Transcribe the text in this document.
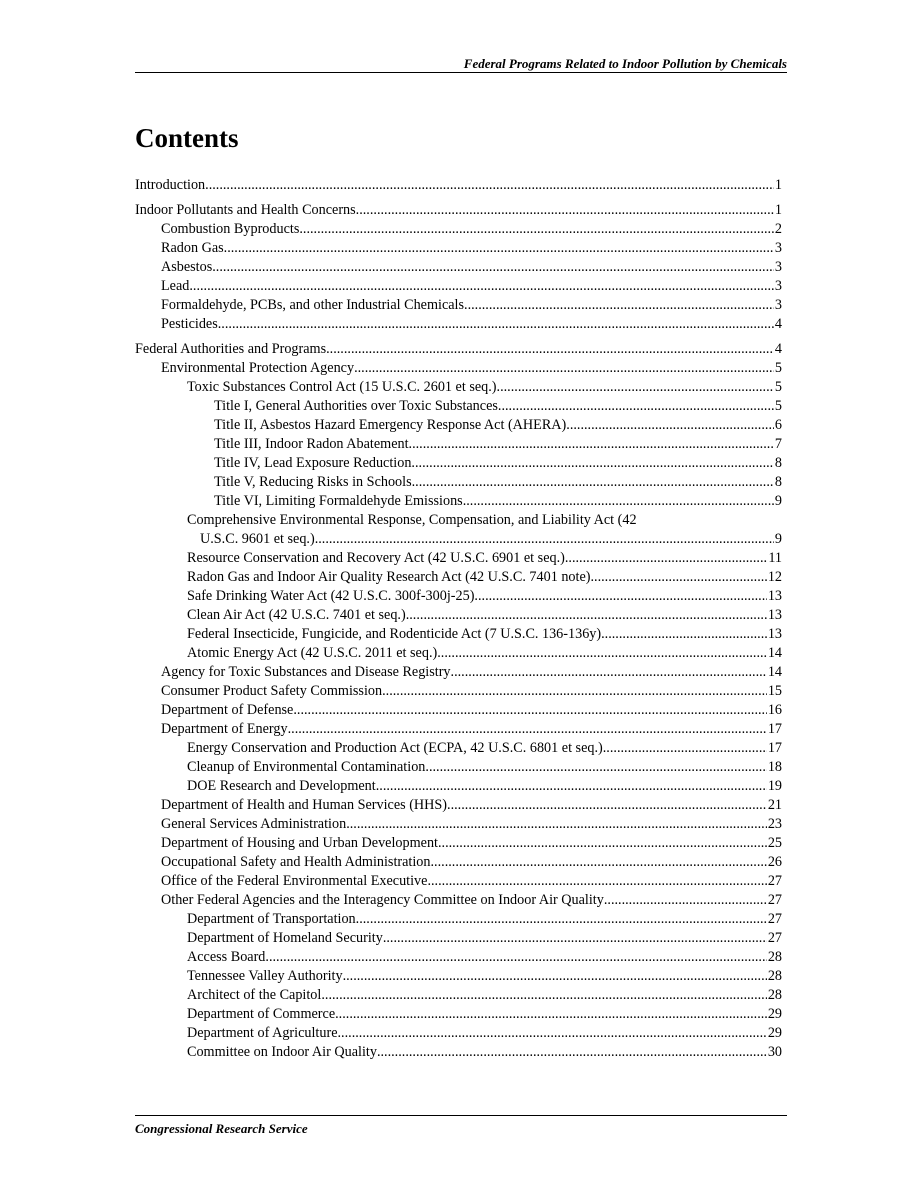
Federal Programs Related to Indoor Pollution by Chemicals
Contents
Introduction .....	1
Indoor Pollutants and Health Concerns .....	1
Combustion Byproducts .....	2
Radon Gas .....	3
Asbestos .....	3
Lead .....	3
Formaldehyde, PCBs, and other Industrial Chemicals .....	3
Pesticides .....	4
Federal Authorities and Programs .....	4
Environmental Protection Agency .....	5
Toxic Substances Control Act (15 U.S.C. 2601 et seq.) .....	5
Title I, General Authorities over Toxic Substances .....	5
Title II, Asbestos Hazard Emergency Response Act (AHERA) .....	6
Title III, Indoor Radon Abatement .....	7
Title IV, Lead Exposure Reduction .....	8
Title V, Reducing Risks in Schools .....	8
Title VI, Limiting Formaldehyde Emissions .....	9
Comprehensive Environmental Response, Compensation, and Liability Act (42
U.S.C. 9601 et seq.) .....	9
Resource Conservation and Recovery Act (42 U.S.C. 6901 et seq.) .....	11
Radon Gas and Indoor Air Quality Research Act (42 U.S.C. 7401 note) .....	12
Safe Drinking Water Act (42 U.S.C. 300f-300j-25) .....	13
Clean Air Act (42 U.S.C. 7401 et seq.) .....	13
Federal Insecticide, Fungicide, and Rodenticide Act (7 U.S.C. 136-136y) .....	13
Atomic Energy Act (42 U.S.C. 2011 et seq.) .....	14
Agency for Toxic Substances and Disease Registry .....	14
Consumer Product Safety Commission .....	15
Department of Defense .....	16
Department of Energy .....	17
Energy Conservation and Production Act (ECPA, 42 U.S.C. 6801 et seq.) .....	17
Cleanup of Environmental Contamination .....	18
DOE Research and Development .....	19
Department of Health and Human Services (HHS) .....	21
General Services Administration .....	23
Department of Housing and Urban Development .....	25
Occupational Safety and Health Administration .....	26
Office of the Federal Environmental Executive .....	27
Other Federal Agencies and the Interagency Committee on Indoor Air Quality .....	27
Department of Transportation .....	27
Department of Homeland Security .....	27
Access Board .....	28
Tennessee Valley Authority .....	28
Architect of the Capitol .....	28
Department of Commerce .....	29
Department of Agriculture .....	29
Committee on Indoor Air Quality .....	30
Congressional Research Service
